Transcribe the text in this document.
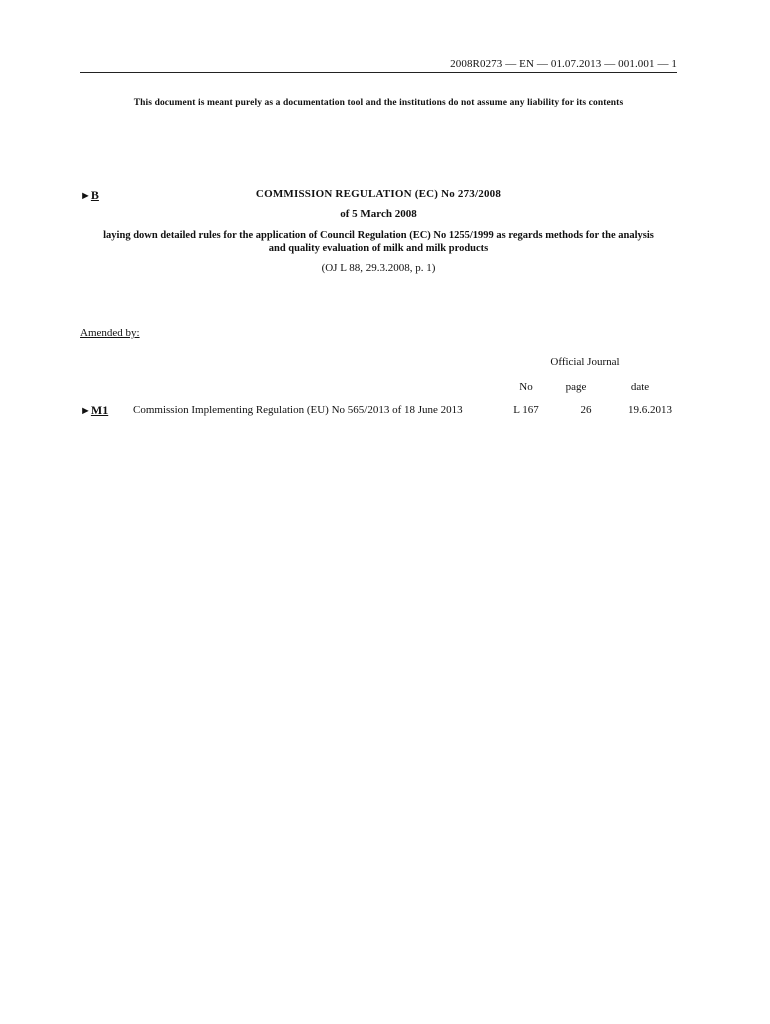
2008R0273 — EN — 01.07.2013 — 001.001 — 1
This document is meant purely as a documentation tool and the institutions do not assume any liability for its contents
►B	COMMISSION REGULATION (EC) No 273/2008
of 5 March 2008
laying down detailed rules for the application of Council Regulation (EC) No 1255/1999 as regards methods for the analysis and quality evaluation of milk and milk products
(OJ L 88, 29.3.2008, p. 1)
Amended by:
Official Journal
No	page	date
►M1 Commission Implementing Regulation (EU) No 565/2013 of 18 June 2013	L 167	26	19.6.2013
